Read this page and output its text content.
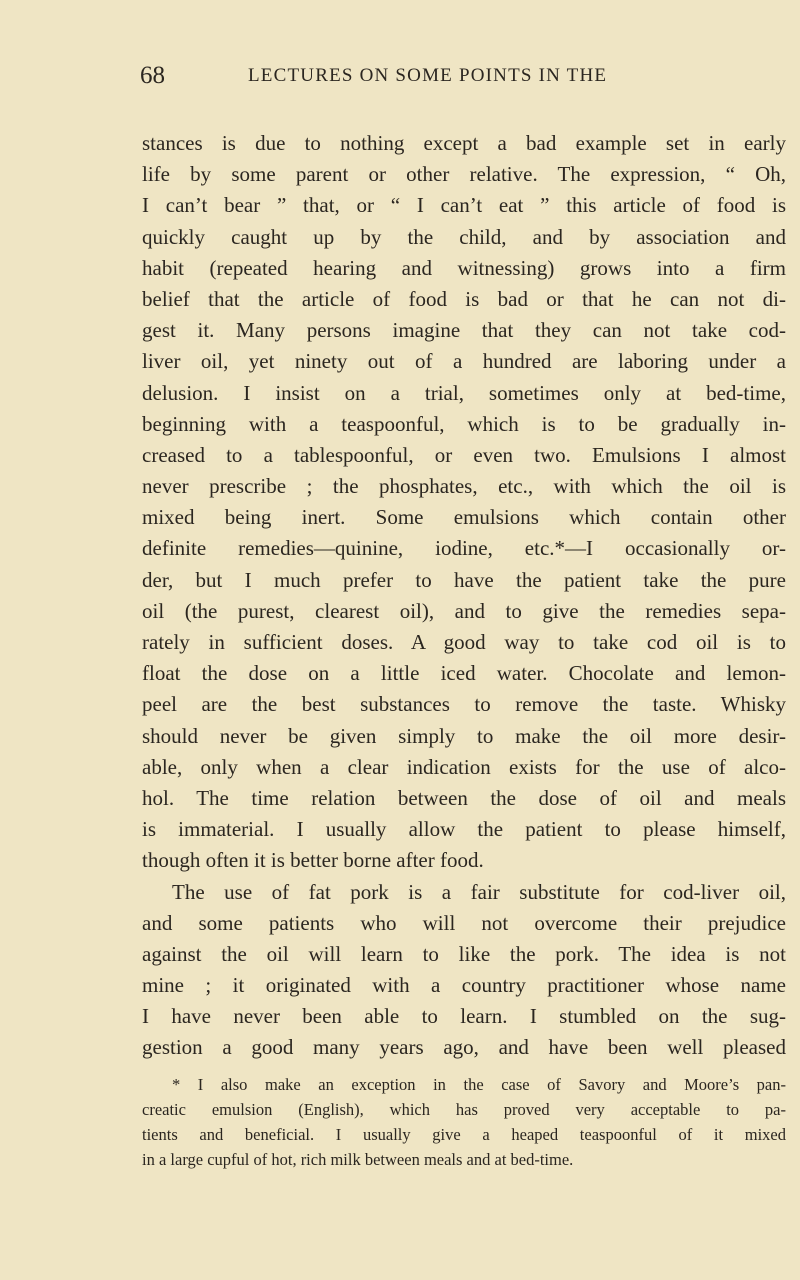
68	LECTURES ON SOME POINTS IN THE
stances is due to nothing except a bad example set in early
life by some parent or other relative. The expression, “ Oh,
I can’t bear ” that, or “ I can’t eat ” this article of food is
quickly caught up by the child, and by association and
habit (repeated hearing and witnessing) grows into a firm
belief that the article of food is bad or that he can not di-
gest it. Many persons imagine that they can not take cod-
liver oil, yet ninety out of a hundred are laboring under a
delusion. I insist on a trial, sometimes only at bed-time,
beginning with a teaspoonful, which is to be gradually in-
creased to a tablespoonful, or even two. Emulsions I almost
never prescribe ; the phosphates, etc., with which the oil is
mixed being inert. Some emulsions which contain other
definite remedies—quinine, iodine, etc.*—I occasionally or-
der, but I much prefer to have the patient take the pure
oil (the purest, clearest oil), and to give the remedies sepa-
rately in sufficient doses. A good way to take cod oil is to
float the dose on a little iced water. Chocolate and lemon-
peel are the best substances to remove the taste. Whisky
should never be given simply to make the oil more desir-
able, only when a clear indication exists for the use of alco-
hol. The time relation between the dose of oil and meals
is immaterial. I usually allow the patient to please himself,
though often it is better borne after food.
The use of fat pork is a fair substitute for cod-liver oil,
and some patients who will not overcome their prejudice
against the oil will learn to like the pork. The idea is not
mine ; it originated with a country practitioner whose name
I have never been able to learn. I stumbled on the sug-
gestion a good many years ago, and have been well pleased
* I also make an exception in the case of Savory and Moore’s pan-
creatic emulsion (English), which has proved very acceptable to pa-
tients and beneficial. I usually give a heaped teaspoonful of it mixed
in a large cupful of hot, rich milk between meals and at bed-time.
